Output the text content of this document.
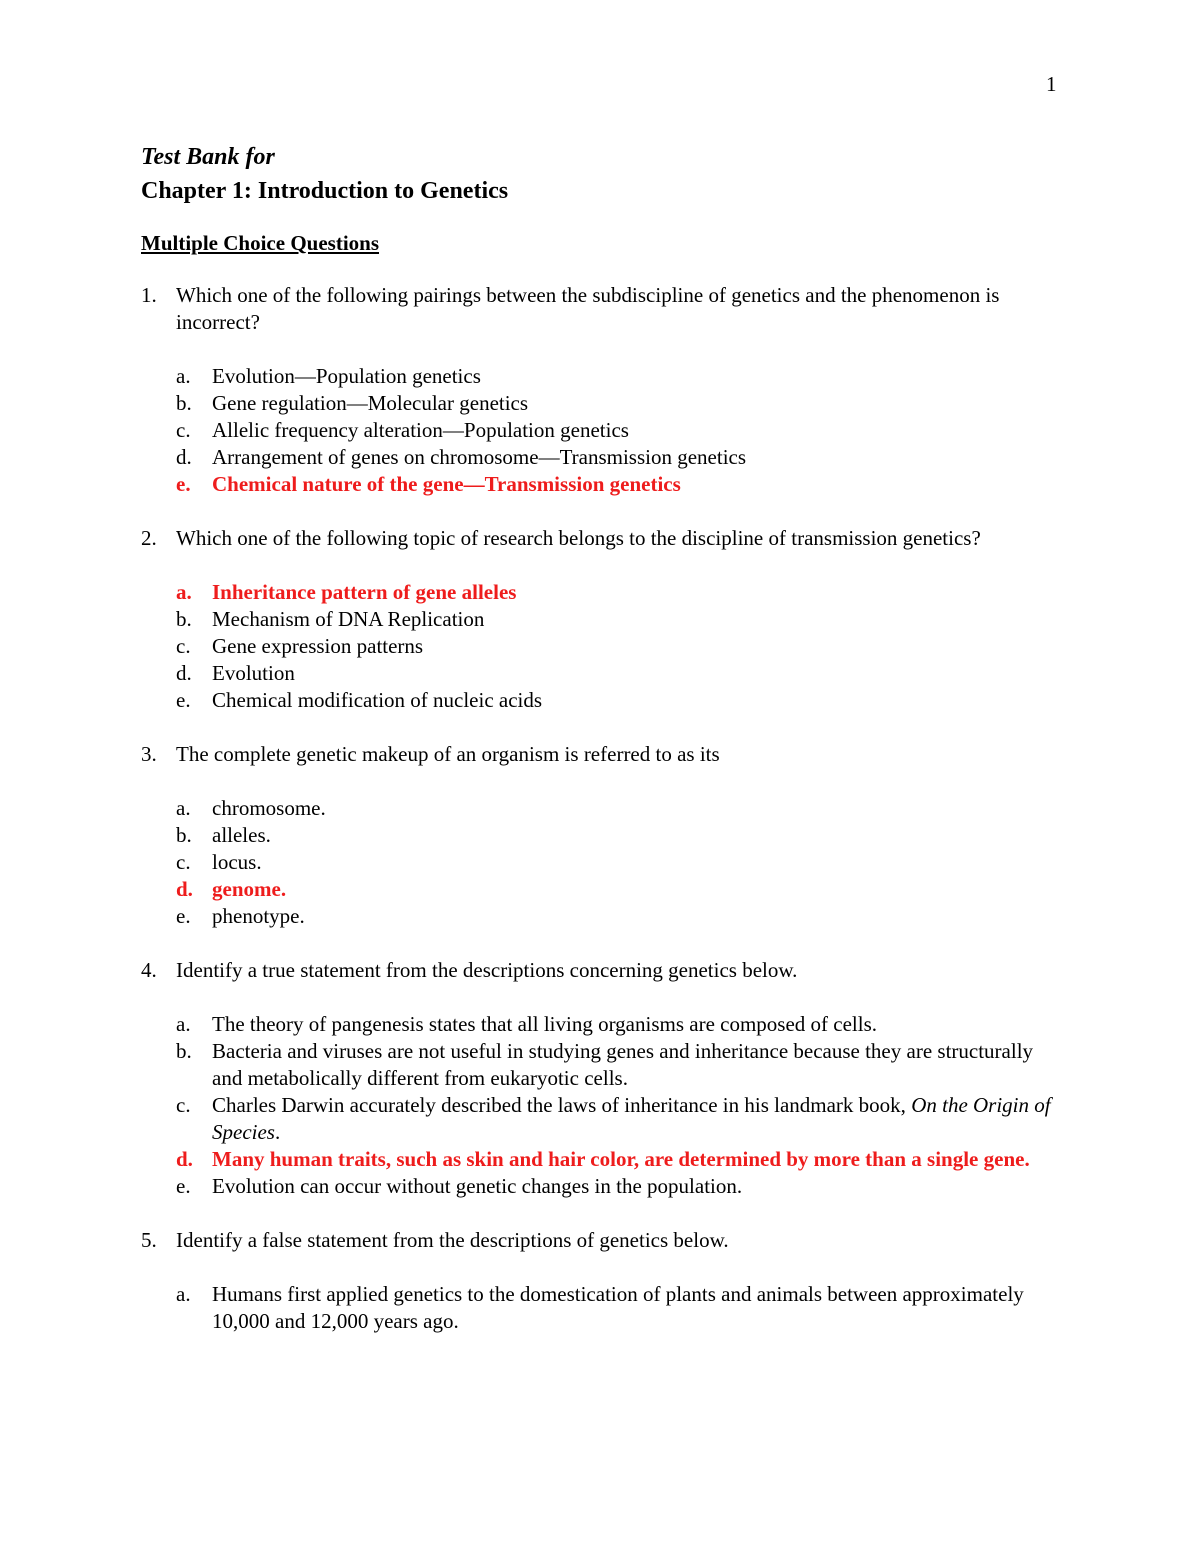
1
Test Bank for
Chapter 1: Introduction to Genetics
Multiple Choice Questions
1. Which one of the following pairings between the subdiscipline of genetics and the phenomenon is incorrect?
a.	Evolution—Population genetics
b. Gene regulation—Molecular genetics
c.	Allelic frequency alteration—Population genetics
d. Arrangement of genes on chromosome—Transmission genetics
e.	Chemical nature of the gene—Transmission genetics
2. Which one of the following topic of research belongs to the discipline of transmission genetics?
a. Inheritance pattern of gene alleles
b. Mechanism of DNA Replication
c.	Gene expression patterns
d. Evolution
e.	Chemical modification of nucleic acids
3. The complete genetic makeup of an organism is referred to as its
a.	chromosome.
b. alleles.
c.	locus.
d. genome.
e.	phenotype.
4. Identify a true statement from the descriptions concerning genetics below.
a.	The theory of pangenesis states that all living organisms are composed of cells.
b. Bacteria and viruses are not useful in studying genes and inheritance because they are structurally and metabolically different from eukaryotic cells.
c.	Charles Darwin accurately described the laws of inheritance in his landmark book, On the Origin of Species.
d. Many human traits, such as skin and hair color, are determined by more than a single gene.
e.	Evolution can occur without genetic changes in the population.
5. Identify a false statement from the descriptions of genetics below.
a.	Humans first applied genetics to the domestication of plants and animals between approximately 10,000 and 12,000 years ago.
